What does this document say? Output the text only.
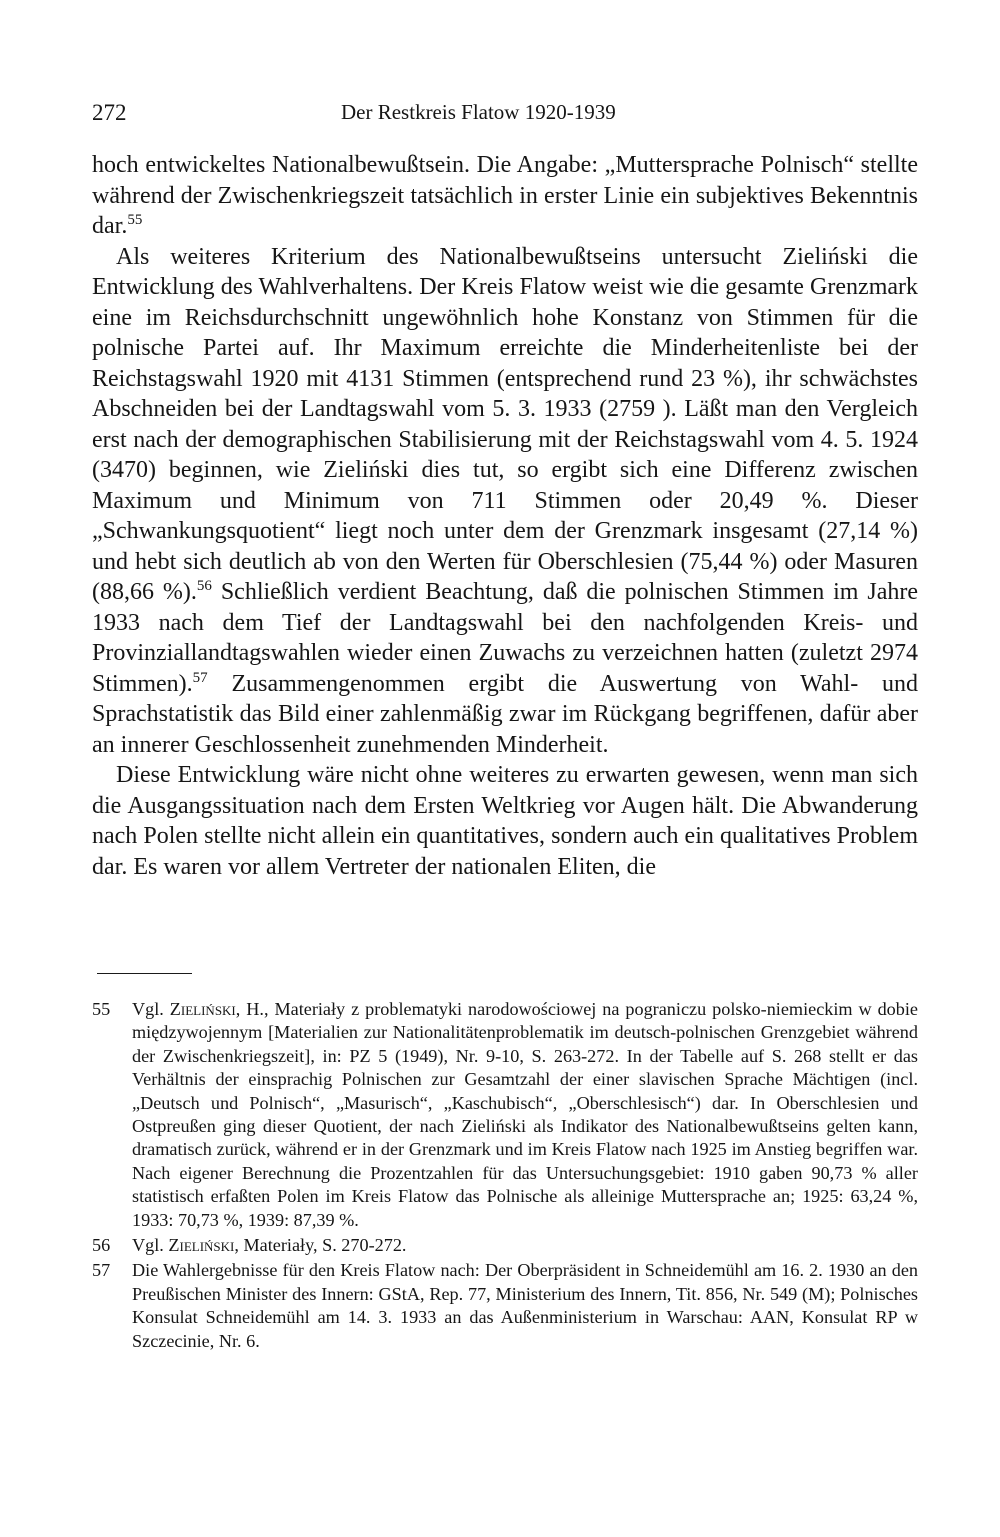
272	Der Restkreis Flatow 1920-1939

hoch entwickeltes Nationalbewußtsein. Die Angabe: „Muttersprache Polnisch“ stellte während der Zwischenkriegszeit tatsächlich in erster Linie ein subjektives Bekenntnis dar.$^{55}$

Als weiteres Kriterium des Nationalbewußtseins untersucht Zieliński die Entwicklung des Wahlverhaltens. Der Kreis Flatow weist wie die gesamte Grenzmark eine im Reichsdurchschnitt ungewöhnlich hohe Konstanz von Stimmen für die polnische Partei auf. Ihr Maximum erreichte die Minderheitenliste bei der Reichstagswahl 1920 mit 4131 Stimmen (entsprechend rund 23 %), ihr schwächstes Abschneiden bei der Landtagswahl vom 5. 3. 1933 (2759 ). Läßt man den Vergleich erst nach der demographischen Stabilisierung mit der Reichstagswahl vom 4. 5. 1924 (3470) beginnen, wie Zieliński dies tut, so ergibt sich eine Differenz zwischen Maximum und Minimum von 711 Stimmen oder 20,49 %. Dieser „Schwankungsquotient“ liegt noch unter dem der Grenzmark insgesamt (27,14 %) und hebt sich deutlich ab von den Werten für Oberschlesien (75,44 %) oder Masuren (88,66 %).$^{56}$ Schließlich verdient Beachtung, daß die polnischen Stimmen im Jahre 1933 nach dem Tief der Landtagswahl bei den nachfolgenden Kreis- und Provinziallandtagswahlen wieder einen Zuwachs zu verzeichnen hatten (zuletzt 2974 Stimmen).$^{57}$ Zusammengenommen ergibt die Auswertung von Wahl- und Sprachstatistik das Bild einer zahlenmäßig zwar im Rückgang begriffenen, dafür aber an innerer Geschlossenheit zunehmenden Minderheit.

Diese Entwicklung wäre nicht ohne weiteres zu erwarten gewesen, wenn man sich die Ausgangssituation nach dem Ersten Weltkrieg vor Augen hält. Die Abwanderung nach Polen stellte nicht allein ein quantitatives, sondern auch ein qualitatives Problem dar. Es waren vor allem Vertreter der nationalen Eliten, die

55 Vgl. Zieliński, H., Materiały z problematyki narodowościowej na pograniczu polsko-niemieckim w dobie międzywojennym [Materialien zur Nationalitätenproblematik im deutsch-polnischen Grenzgebiet während der Zwischenkriegszeit], in: PZ 5 (1949), Nr. 9-10, S. 263-272. In der Tabelle auf S. 268 stellt er das Verhältnis der einsprachig Polnischen zur Gesamtzahl der einer slavischen Sprache Mächtigen (incl. „Deutsch und Polnisch“, „Masurisch“, „Kaschubisch“, „Oberschlesisch“) dar. In Oberschlesien und Ostpreußen ging dieser Quotient, der nach Zieliński als Indikator des Nationalbewußtseins gelten kann, dramatisch zurück, während er in der Grenzmark und im Kreis Flatow nach 1925 im Anstieg begriffen war. Nach eigener Berechnung die Prozentzahlen für das Untersuchungsgebiet: 1910 gaben 90,73 % aller statistisch erfaßten Polen im Kreis Flatow das Polnische als alleinige Muttersprache an; 1925: 63,24 %, 1933: 70,73 %, 1939: 87,39 %.
56 Vgl. Zieliński, Materiały, S. 270-272.
57 Die Wahlergebnisse für den Kreis Flatow nach: Der Oberpräsident in Schneidemühl am 16. 2. 1930 an den Preußischen Minister des Innern: GStA, Rep. 77, Ministerium des Innern, Tit. 856, Nr. 549 (M); Polnisches Konsulat Schneidemühl am 14. 3. 1933 an das Außenministerium in Warschau: AAN, Konsulat RP w Szczecinie, Nr. 6.
